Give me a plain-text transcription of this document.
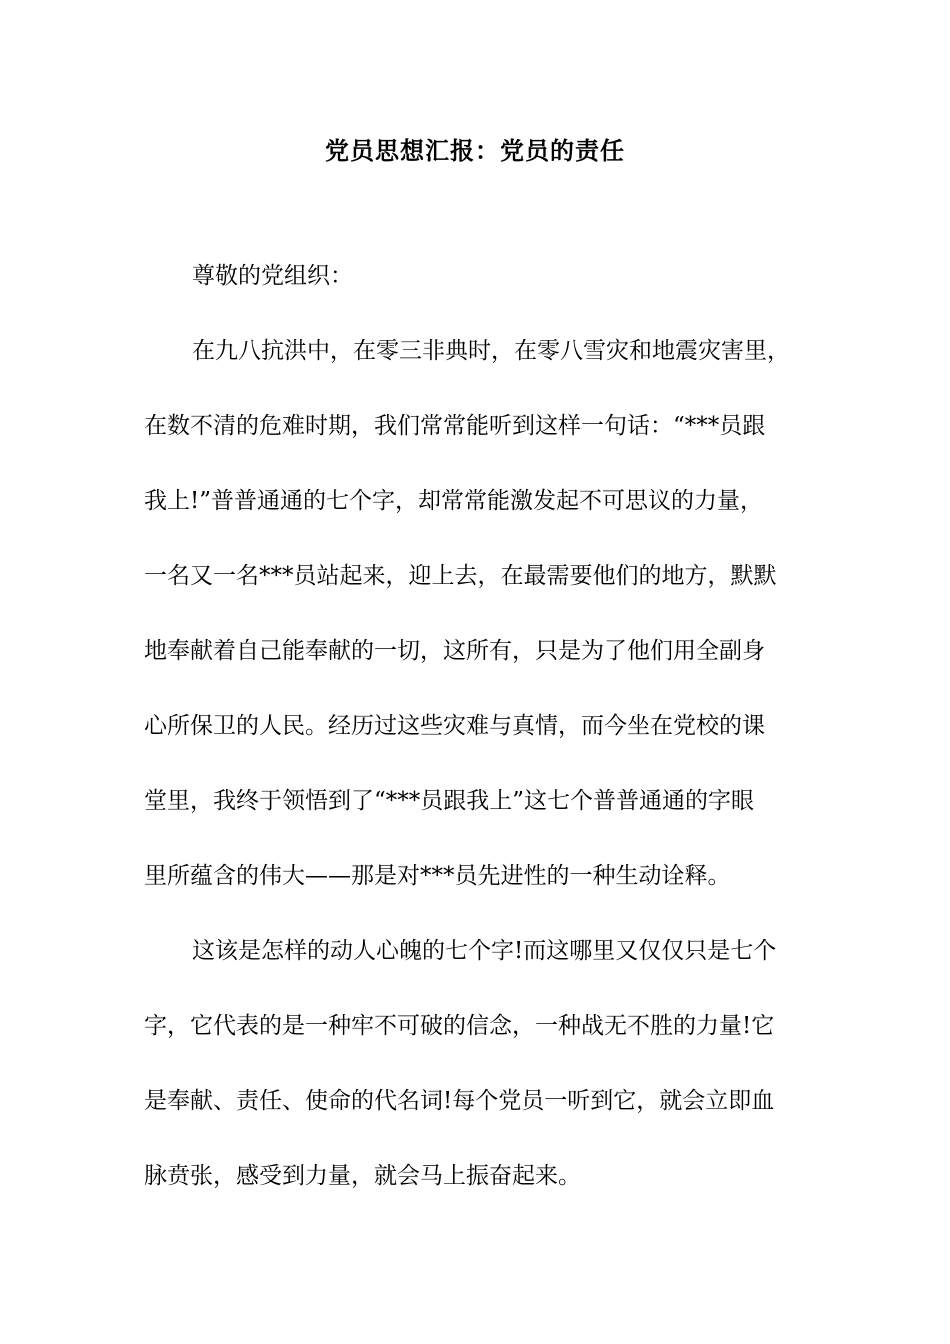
党员思想汇报：党员的责任
尊敬的党组织：
在九八抗洪中，在零三非典时，在零八雪灾和地震灾害里，
在数不清的危难时期，我们常常能听到这样一句话：“***员跟
我上!”普普通通的七个字，却常常能激发起不可思议的力量，
一名又一名***员站起来，迎上去，在最需要他们的地方，默默
地奉献着自己能奉献的一切，这所有，只是为了他们用全副身
心所保卫的人民。经历过这些灾难与真情，而今坐在党校的课
堂里，我终于领悟到了“***员跟我上”这七个普普通通的字眼
里所蕴含的伟大——那是对***员先进性的一种生动诠释。
这该是怎样的动人心魄的七个字!而这哪里又仅仅只是七个
字，它代表的是一种牢不可破的信念，一种战无不胜的力量!它
是奉献、责任、使命的代名词!每个党员一听到它，就会立即血
脉贲张，感受到力量，就会马上振奋起来。
